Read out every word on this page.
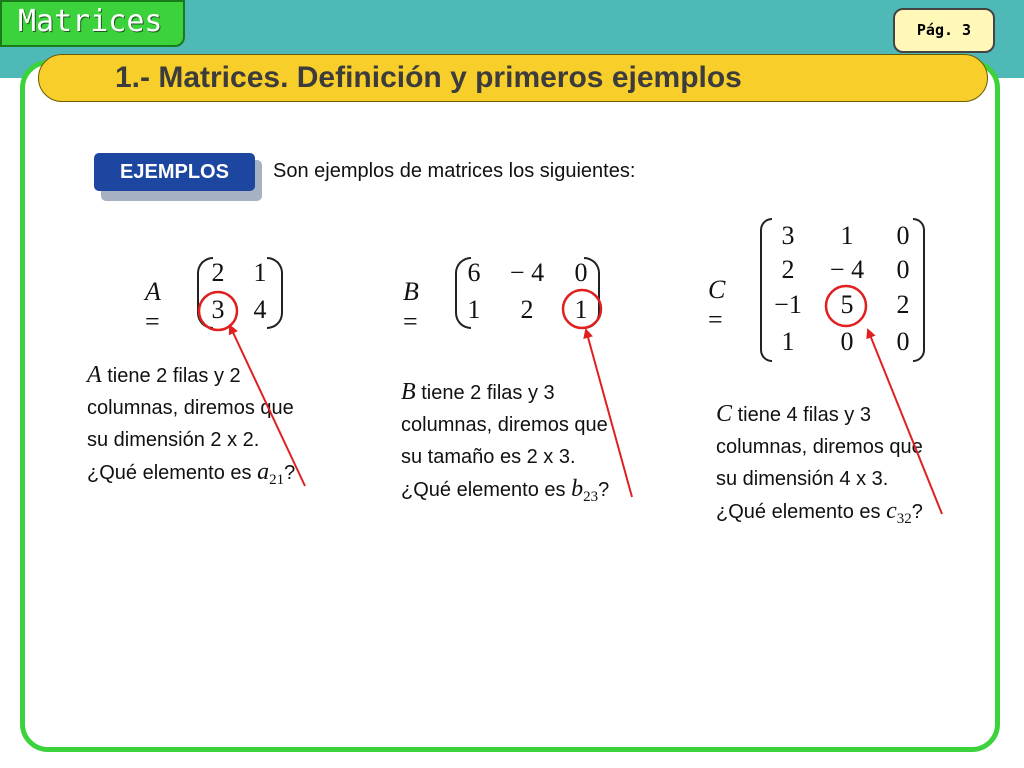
Matrices	Pág. 3
1.- Matrices. Definición y primeros ejemplos
EJEMPLOS	Son ejemplos de matrices los siguientes:
A =
2	1
3	4
B =
6	− 4	0
1	2	1
C =
3	1	0
2	− 4	0
−1	5	2
1	0	0
A tiene 2 filas y 2
columnas, diremos que
su dimensión 2 x 2.
¿Qué elemento es $a_{21}$?
B tiene 2 filas y 3
columnas, diremos que
su tamaño es 2 x 3.
¿Qué elemento es $b_{23}$?
C tiene 4 filas y 3
columnas, diremos que
su dimensión 4 x 3.
¿Qué elemento es $c_{32}$?
